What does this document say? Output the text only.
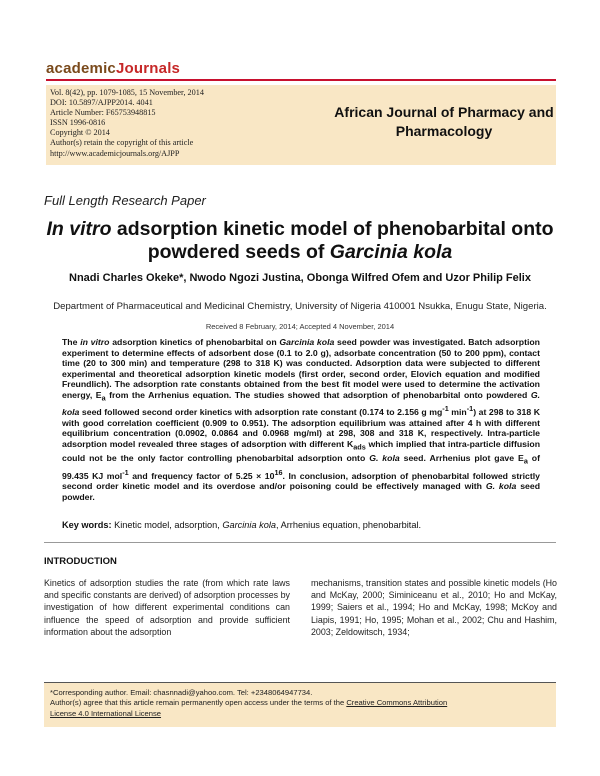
academicJournals
Vol. 8(42), pp. 1079-1085, 15 November, 2014
DOI: 10.5897/AJPP2014. 4041
Article Number: F65753948815
ISSN 1996-0816
Copyright © 2014
Author(s) retain the copyright of this article
http://www.academicjournals.org/AJPP
African Journal of Pharmacy and Pharmacology
Full Length Research Paper
In vitro adsorption kinetic model of phenobarbital onto powdered seeds of Garcinia kola
Nnadi Charles Okeke*, Nwodo Ngozi Justina, Obonga Wilfred Ofem and Uzor Philip Felix
Department of Pharmaceutical and Medicinal Chemistry, University of Nigeria 410001 Nsukka, Enugu State, Nigeria.
Received 8 February, 2014; Accepted 4 November, 2014
The in vitro adsorption kinetics of phenobarbital on Garcinia kola seed powder was investigated. Batch adsorption experiment to determine effects of adsorbent dose (0.1 to 2.0 g), adsorbate concentration (50 to 200 ppm), contact time (20 to 300 min) and temperature (298 to 318 K) was conducted. Adsorption data were subjected to different experimental and theoretical adsorption kinetic models (first order, second order, Elovich equation and modified Freundlich). The adsorption rate constants obtained from the best fit model were used to determine the activation energy, $E_a$ from the Arrhenius equation. The studies showed that adsorption of phenobarbital onto powdered G. kola seed followed second order kinetics with adsorption rate constant (0.174 to 2.156 g $mg^{-1}$ $\min^{-1}$) at 298 to 318 K with good correlation coefficient (0.909 to 0.951). The adsorption equilibrium was attained after 4 h with different equilibrium concentration (0.0902, 0.0864 and 0.0968 mg/ml) at 298, 308 and 318 K, respectively. Intra-particle adsorption model revealed three stages of adsorption with different $K_{ads}$ which implied that intra-particle diffusion could not be the only factor controlling phenobarbital adsorption onto G. kola seed. Arrhenius plot gave $E_a$ of 99.435 KJ mol$^{-1}$ and frequency factor of $5.25 \times 10^{16}$. In conclusion, adsorption of phenobarbital followed strictly second order kinetic model and its overdose and/or poisoning could be effectively managed with G. kola seed powder.
Key words: Kinetic model, adsorption, Garcinia kola, Arrhenius equation, phenobarbital.
INTRODUCTION
Kinetics of adsorption studies the rate (from which rate laws and specific constants are derived) of adsorption processes by investigation of how different experimental conditions can influence the speed of adsorption and provide sufficient information about the adsorption
mechanisms, transition states and possible kinetic models (Ho and McKay, 2000; Siminiceanu et al., 2010; Ho and McKay, 1999; Saiers et al., 1994; Ho and McKay, 1998; McKoy and Liapis, 1991; Ho, 1995; Mohan et al., 2002; Chu and Hashim, 2003; Zeldowitsch, 1934;
*Corresponding author. Email: chasnnadi@yahoo.com. Tel: +2348064947734.
Author(s) agree that this article remain permanently open access under the terms of the Creative Commons Attribution
License 4.0 International License
